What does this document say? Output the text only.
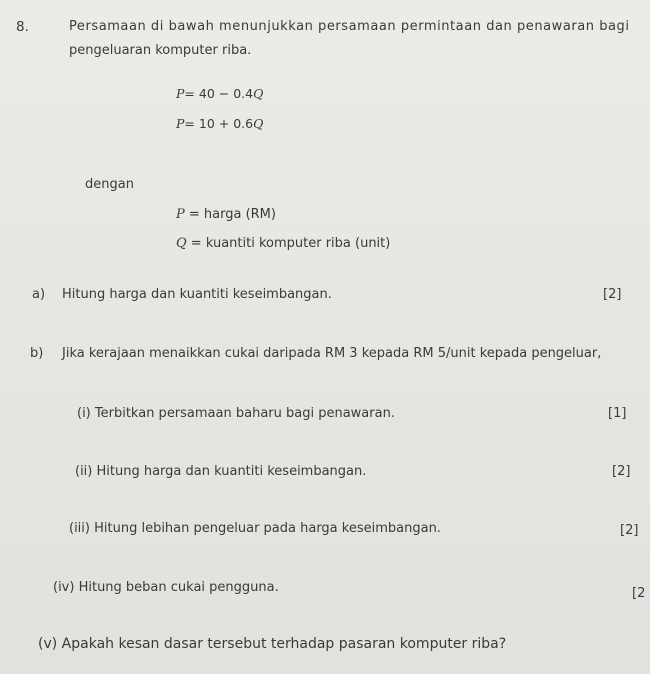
8.	Persamaan di bawah menunjukkan persamaan permintaan dan penawaran bagi
pengeluaran komputer riba.
P= 40 − 0.4Q
P= 10 + 0.6Q
dengan
P = harga (RM)
Q = kuantiti komputer riba (unit)
a) Hitung harga dan kuantiti keseimbangan.	[2]
b) Jika kerajaan menaikkan cukai daripada RM 3 kepada RM 5/unit kepada pengeluar,
(i) Terbitkan persamaan baharu bagi penawaran.	[1]
(ii) Hitung harga dan kuantiti keseimbangan.	[2]
(iii) Hitung lebihan pengeluar pada harga keseimbangan.	[2]
(iv) Hitung beban cukai pengguna.	[2
(v) Apakah kesan dasar tersebut terhadap pasaran komputer riba?
